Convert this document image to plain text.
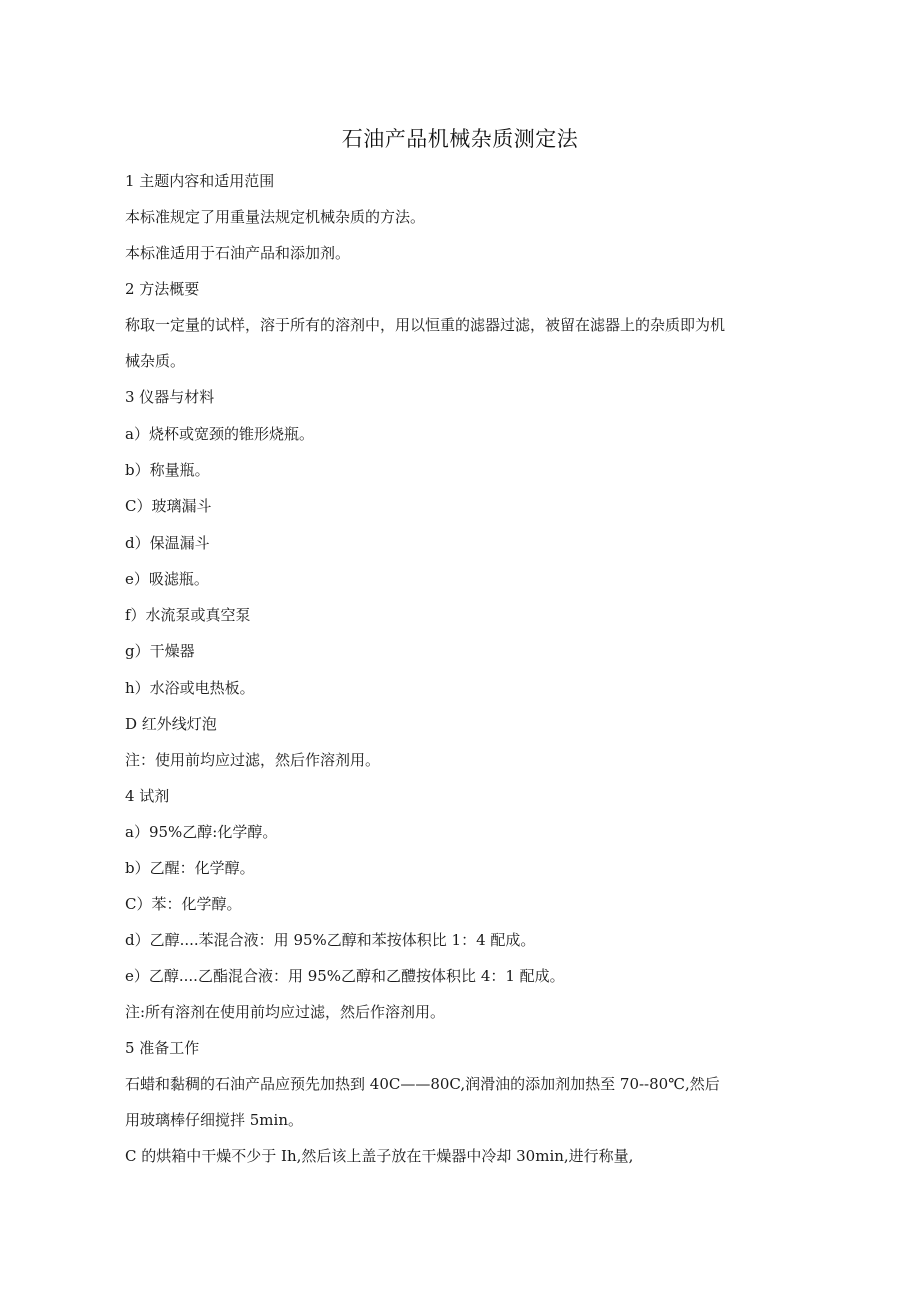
石油产品机械杂质测定法
1 主题内容和适用范围
本标准规定了用重量法规定机械杂质的方法。
本标准适用于石油产品和添加剂。
2 方法概要
称取一定量的试样，溶于所有的溶剂中，用以恒重的滤器过滤，被留在滤器上的杂质即为机
械杂质。
3 仪器与材料
a）烧杯或宽颈的锥形烧瓶。
b）称量瓶。
C）玻璃漏斗
d）保温漏斗
e）吸滤瓶。
f）水流泵或真空泵
g）干燥器
h）水浴或电热板。
D 红外线灯泡
注：使用前均应过滤，然后作溶剂用。
4 试剂
a）95%乙醇:化学醇。
b）乙醒：化学醇。
C）苯：化学醇。
d）乙醇....苯混合液：用 95%乙醇和苯按体积比 1：4 配成。
e）乙醇....乙酯混合液：用 95%乙醇和乙醴按体积比 4：1 配成。
注:所有溶剂在使用前均应过滤，然后作溶剂用。
5 准备工作
石蜡和黏稠的石油产品应预先加热到 40C——80C,润滑油的添加剂加热至 70--80℃,然后
用玻璃棒仔细搅拌 5min。
C 的烘箱中干燥不少于 Ih,然后该上盖子放在干燥器中冷却 30min,进行称量,
